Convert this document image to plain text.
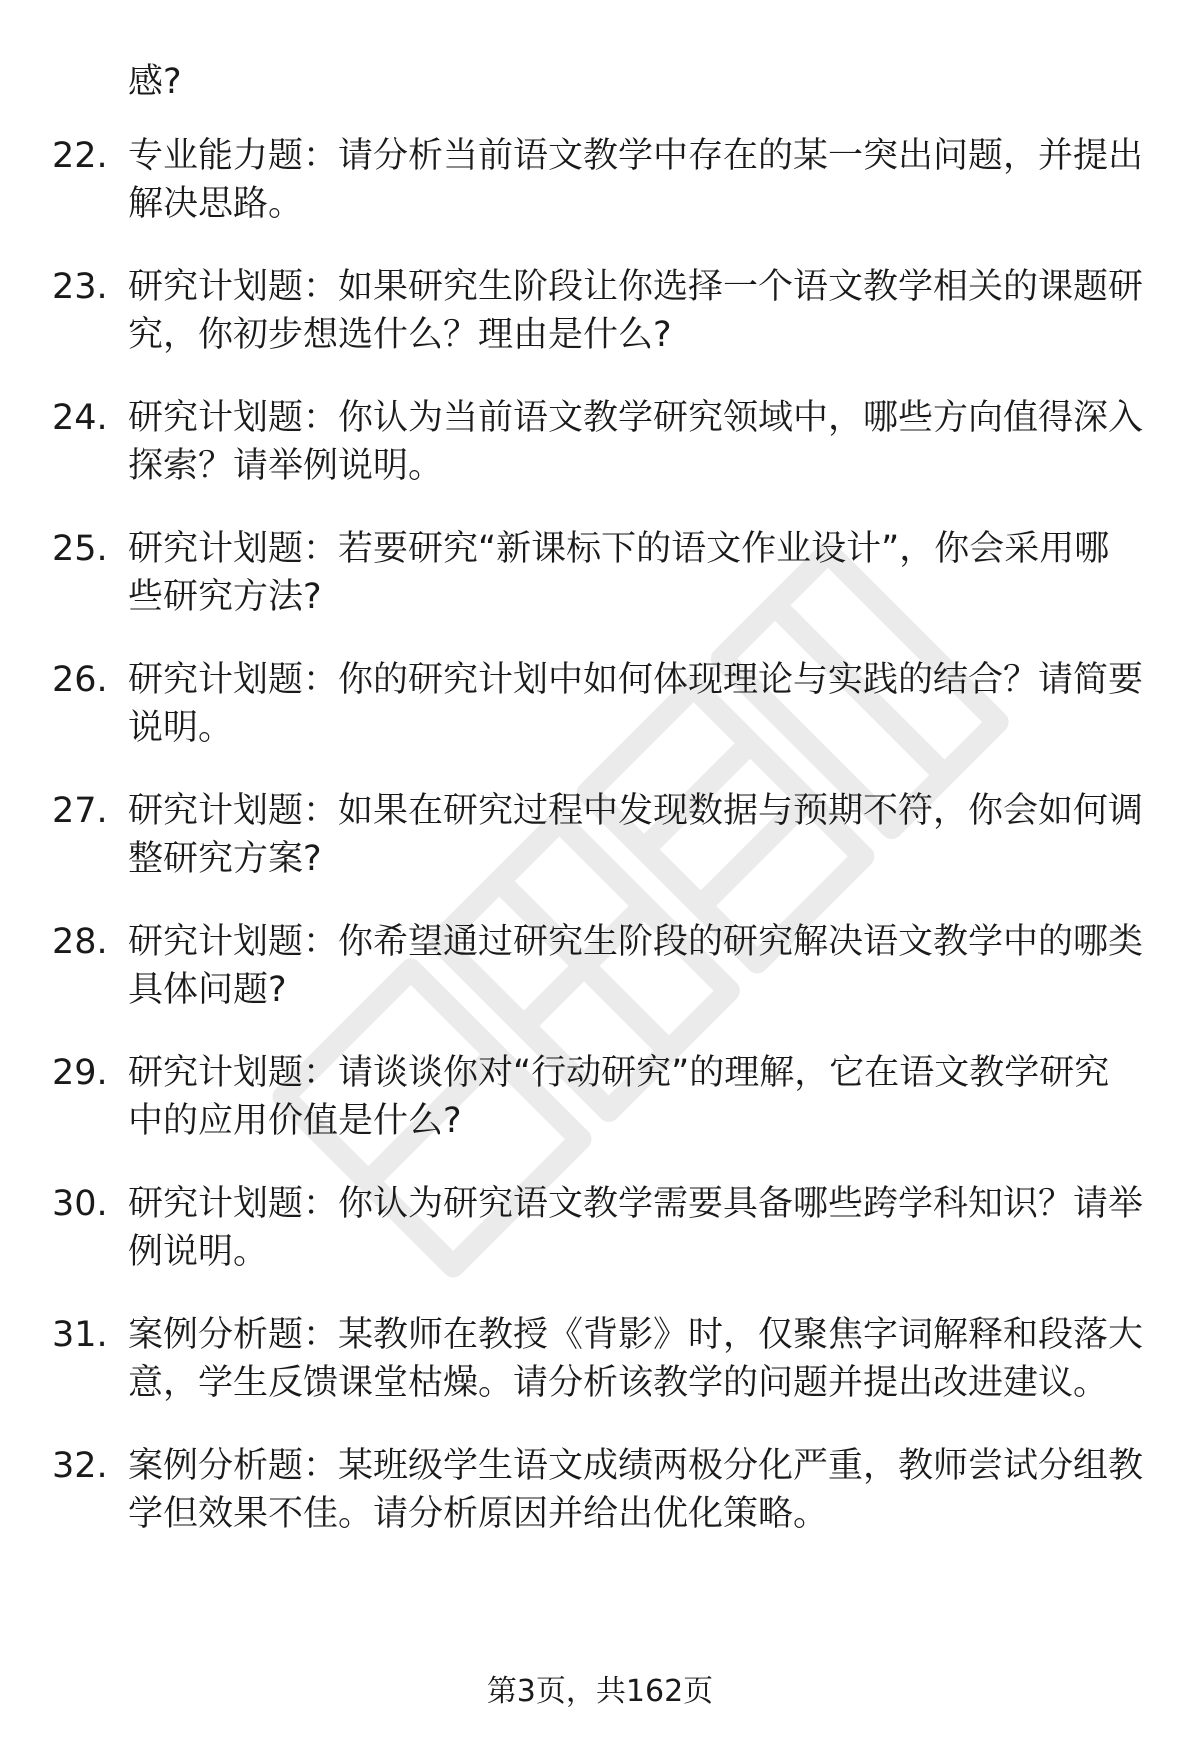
感?
22. 专业能力题：请分析当前语文教学中存在的某一突出问题，并提出解决思路。
23. 研究计划题：如果研究生阶段让你选择一个语文教学相关的课题研究，你初步想选什么？理由是什么?
24. 研究计划题：你认为当前语文教学研究领域中，哪些方向值得深入探索？请举例说明。
25. 研究计划题：若要研究“新课标下的语文作业设计”，你会采用哪些研究方法?
26. 研究计划题：你的研究计划中如何体现理论与实践的结合？请简要说明。
27. 研究计划题：如果在研究过程中发现数据与预期不符，你会如何调整研究方案?
28. 研究计划题：你希望通过研究生阶段的研究解决语文教学中的哪类具体问题?
29. 研究计划题：请谈谈你对“行动研究”的理解，它在语文教学研究中的应用价值是什么?
30. 研究计划题：你认为研究语文教学需要具备哪些跨学科知识？请举例说明。
31. 案例分析题：某教师在教授《背影》时，仅聚焦字词解释和段落大意，学生反馈课堂枯燥。请分析该教学的问题并提出改进建议。
32. 案例分析题：某班级学生语文成绩两极分化严重，教师尝试分组教学但效果不佳。请分析原因并给出优化策略。
第3页，共162页
